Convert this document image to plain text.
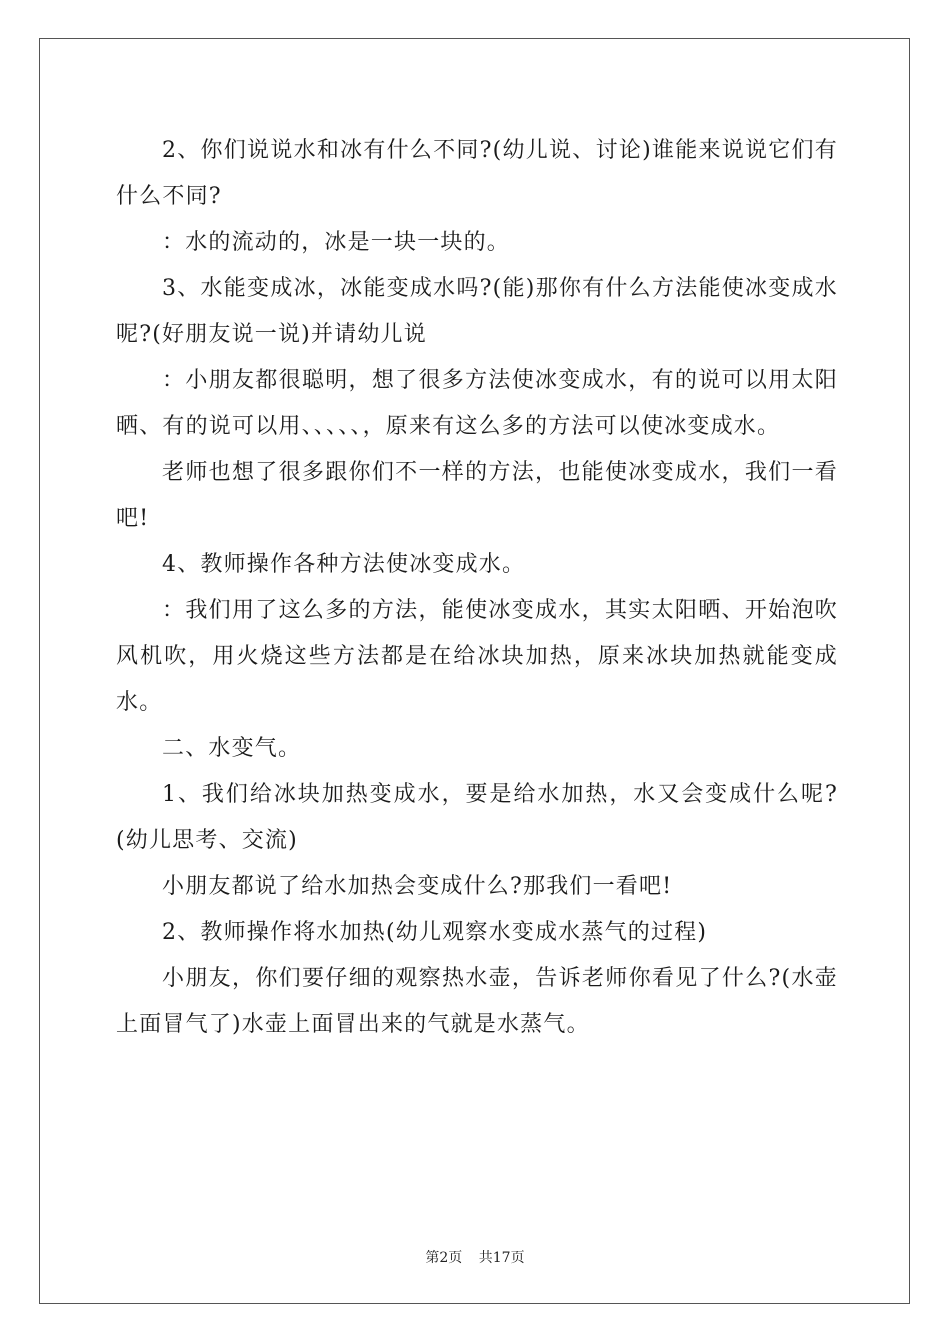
2、你们说说水和冰有什么不同?(幼儿说、讨论)谁能来说说它们有什么不同?

：水的流动的，冰是一块一块的。

3、水能变成冰，冰能变成水吗?(能)那你有什么方法能使冰变成水呢?(好朋友说一说)并请幼儿说

：小朋友都很聪明，想了很多方法使冰变成水，有的说可以用太阳晒、有的说可以用、、、、、，原来有这么多的方法可以使冰变成水。

老师也想了很多跟你们不一样的方法，也能使冰变成水，我们一看吧!

4、教师操作各种方法使冰变成水。

：我们用了这么多的方法，能使冰变成水，其实太阳晒、开始泡吹风机吹，用火烧这些方法都是在给冰块加热，原来冰块加热就能变成水。

二、水变气。

1、我们给冰块加热变成水，要是给水加热，水又会变成什么呢?(幼儿思考、交流)

小朋友都说了给水加热会变成什么?那我们一看吧!

2、教师操作将水加热(幼儿观察水变成水蒸气的过程)

小朋友，你们要仔细的观察热水壶，告诉老师你看见了什么?(水壶上面冒气了)水壶上面冒出来的气就是水蒸气。

第2页 共17页
